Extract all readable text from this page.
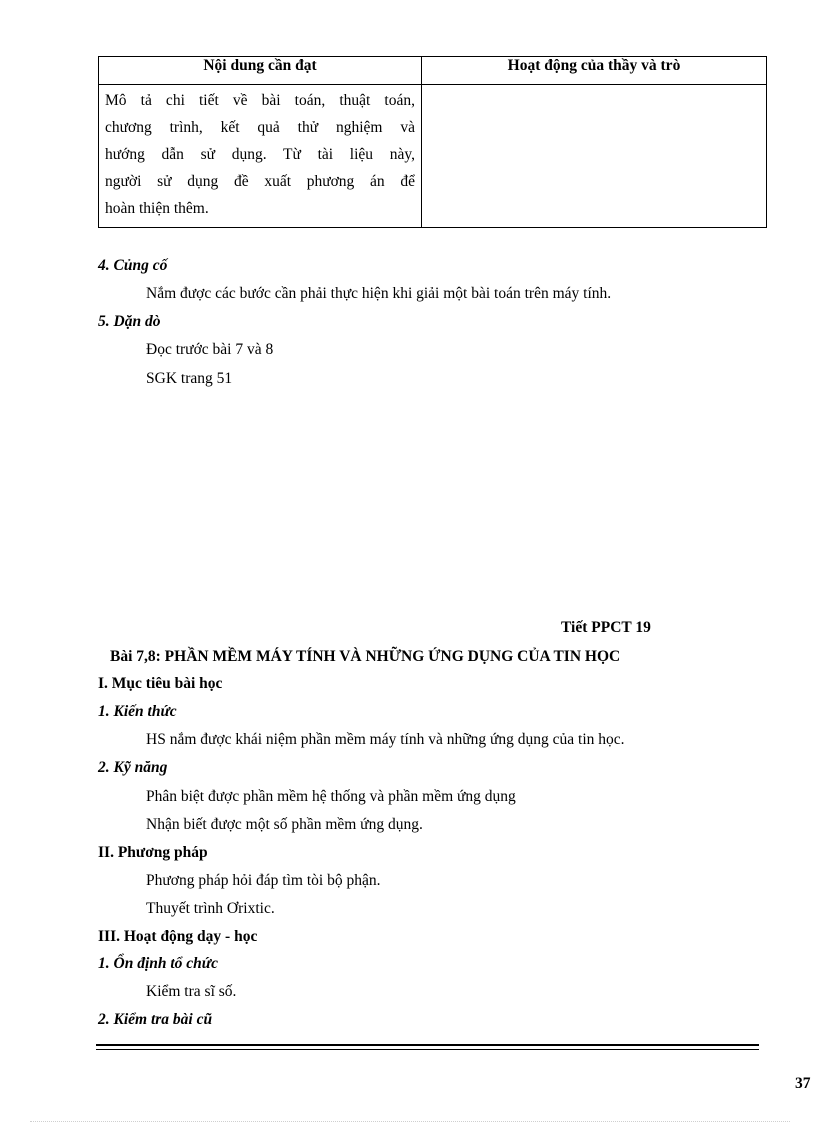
Nội dung cần đạt	Hoạt động của thầy và trò

Mô tả chi tiết về bài toán, thuật toán,
chương trình, kết quả thử nghiệm và
hướng dẫn sử dụng. Từ tài liệu này,
người sử dụng đề xuất phương án để
hoàn thiện thêm.	

4. Củng cố
Nắm được các bước cần phải thực hiện khi giải một bài toán trên máy tính.
5. Dặn dò
Đọc trước bài 7 và 8
SGK trang 51
Tiết PPCT 19
Bài 7,8: PHẦN MỀM MÁY TÍNH VÀ NHỮNG ỨNG DỤNG CỦA TIN HỌC
I. Mục tiêu bài học
1. Kiến thức
HS nắm được khái niệm phần mềm máy tính và những ứng dụng của tin học.
2. Kỹ năng
Phân biệt được phần mềm hệ thống và phần mềm ứng dụng
Nhận biết được một số phần mềm ứng dụng.
II. Phương pháp
Phương pháp hỏi đáp tìm tòi bộ phận.
Thuyết trình Ơrixtic.
III. Hoạt động dạy - học
1. Ổn định tổ chức
Kiểm tra sĩ số.
2. Kiểm tra bài cũ
37
